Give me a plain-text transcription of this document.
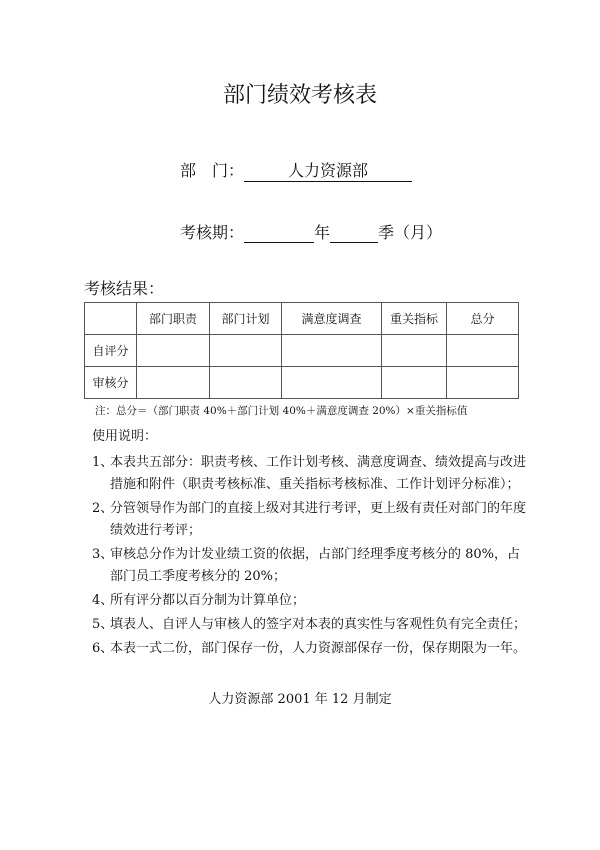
部门绩效考核表
部　门：	人力资源部
考核期：	年	季（月）
考核结果：
	部门职责	部门计划	满意度调查	重关指标	总分
自评分					
审核分					
注：总分＝（部门职责 40%＋部门计划 40%＋满意度调查 20%）×重关指标值
使用说明：
1、
本表共五部分：职责考核、工作计划考核、满意度调查、绩效提高与改进措施和附件（职责考核标准、重关指标考核标准、工作计划评分标准）；
2、
分管领导作为部门的直接上级对其进行考评，更上级有责任对部门的年度绩效进行考评；
3、
审核总分作为计发业绩工资的依据，占部门经理季度考核分的 80%，占部门员工季度考核分的 20%；
4、
所有评分都以百分制为计算单位；
5、
填表人、自评人与审核人的签字对本表的真实性与客观性负有完全责任；
6、
本表一式二份，部门保存一份，人力资源部保存一份，保存期限为一年。
人力资源部 2001 年 12 月制定
